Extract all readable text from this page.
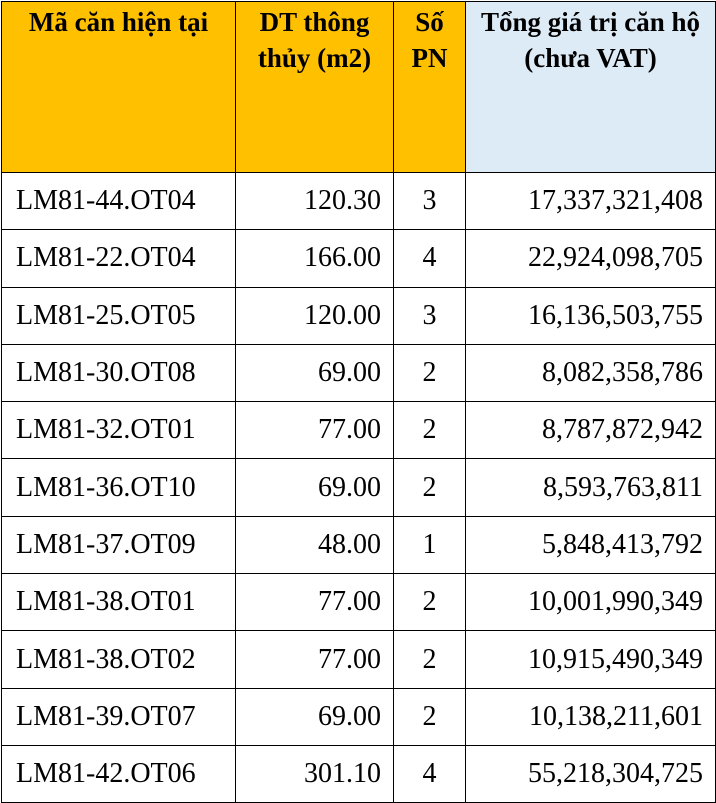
Mã căn hiện tại	DT thông thủy (m2)	Số PN	Tổng giá trị căn hộ (chưa VAT)
LM81-44.OT04	120.30	3	17,337,321,408
LM81-22.OT04	166.00	4	22,924,098,705
LM81-25.OT05	120.00	3	16,136,503,755
LM81-30.OT08	69.00	2	8,082,358,786
LM81-32.OT01	77.00	2	8,787,872,942
LM81-36.OT10	69.00	2	8,593,763,811
LM81-37.OT09	48.00	1	5,848,413,792
LM81-38.OT01	77.00	2	10,001,990,349
LM81-38.OT02	77.00	2	10,915,490,349
LM81-39.OT07	69.00	2	10,138,211,601
LM81-42.OT06	301.10	4	55,218,304,725
